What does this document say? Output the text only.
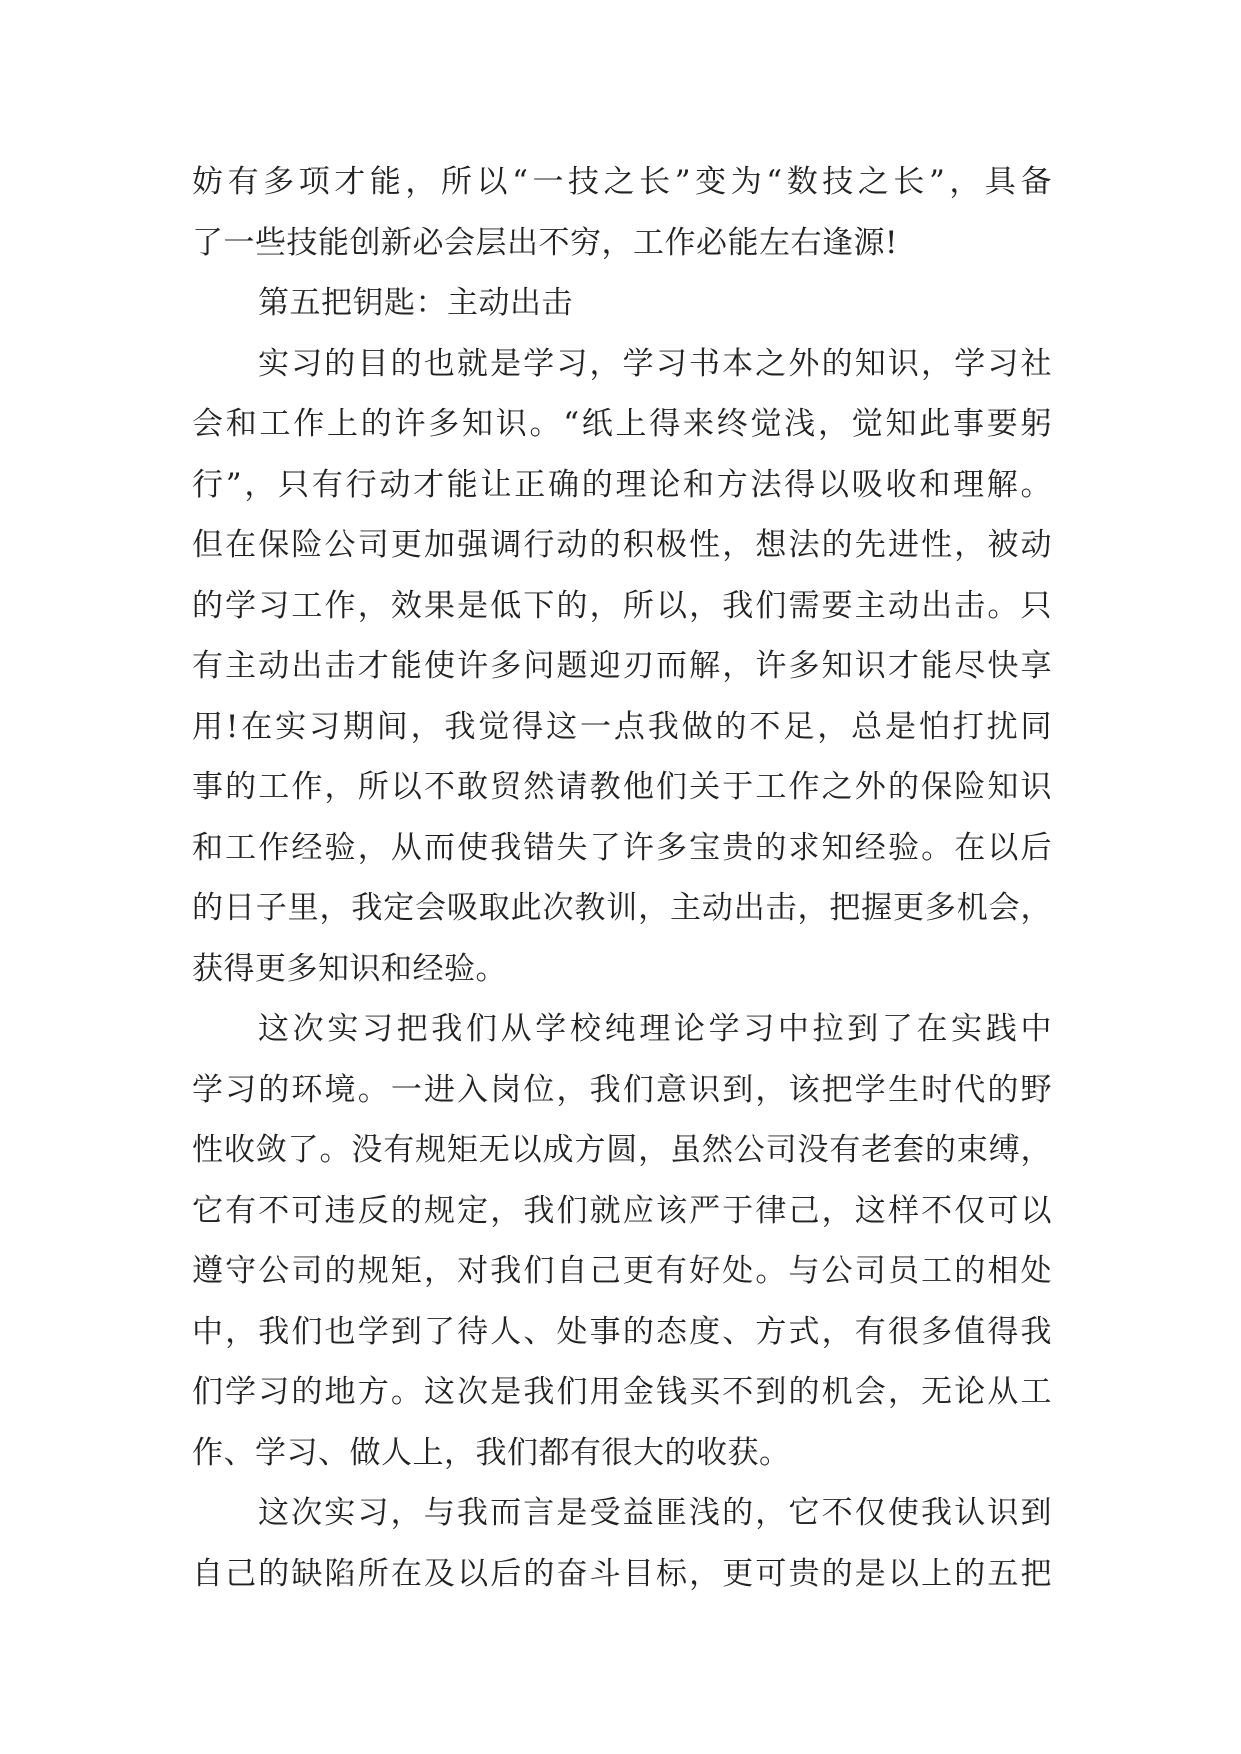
妨有多项才能，所以“一技之长”变为“数技之长”，具备
了一些技能创新必会层出不穷，工作必能左右逢源!
第五把钥匙：主动出击
实习的目的也就是学习，学习书本之外的知识，学习社
会和工作上的许多知识。“纸上得来终觉浅，觉知此事要躬
行”，只有行动才能让正确的理论和方法得以吸收和理解。
但在保险公司更加强调行动的积极性，想法的先进性，被动
的学习工作，效果是低下的，所以，我们需要主动出击。只
有主动出击才能使许多问题迎刃而解，许多知识才能尽快享
用!在实习期间，我觉得这一点我做的不足，总是怕打扰同
事的工作，所以不敢贸然请教他们关于工作之外的保险知识
和工作经验，从而使我错失了许多宝贵的求知经验。在以后
的日子里，我定会吸取此次教训，主动出击，把握更多机会，
获得更多知识和经验。
这次实习把我们从学校纯理论学习中拉到了在实践中
学习的环境。一进入岗位，我们意识到，该把学生时代的野
性收敛了。没有规矩无以成方圆，虽然公司没有老套的束缚，
它有不可违反的规定，我们就应该严于律己，这样不仅可以
遵守公司的规矩，对我们自己更有好处。与公司员工的相处
中，我们也学到了待人、处事的态度、方式，有很多值得我
们学习的地方。这次是我们用金钱买不到的机会，无论从工
作、学习、做人上，我们都有很大的收获。
这次实习，与我而言是受益匪浅的，它不仅使我认识到
自己的缺陷所在及以后的奋斗目标，更可贵的是以上的五把
